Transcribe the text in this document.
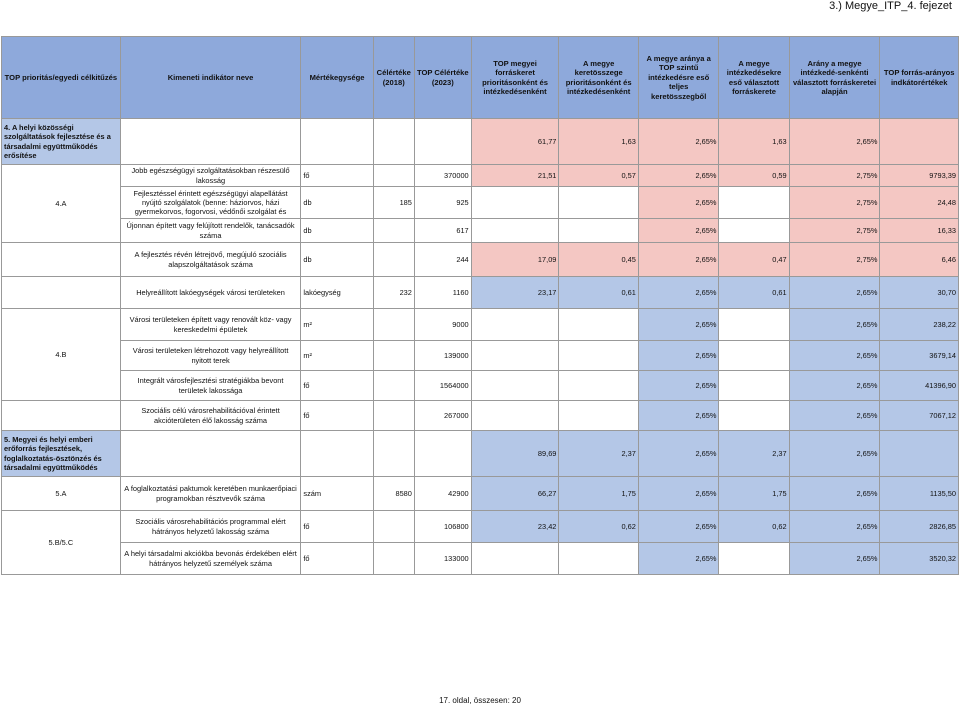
3.) Megye_ITP_4. fejezet
TOP prioritás/egyedi célkitűzés	Kimeneti indikátor neve	Mértékegysége	Célértéke (2018)	TOP Célértéke (2023)	TOP megyei forráskeret prioritásonként és intézkedésenként	A megye keretösszege prioritásonként és intézkedésenként	A megye aránya a TOP szintű intézkedésre eső teljes keretösszegből	A megye intézkedésekre eső választott forráskerete	Arány a megye intézkedé-senkénti választott forráskeretei alapján	TOP forrás-arányos indkátorértékek
4. A helyi közösségi szolgáltatások fejlesztése és a társadalmi együttműködés erősítése					61,77	1,63	2,65%	1,63	2,65%	
4.A	Jobb egészségügyi szolgáltatásokban részesülő lakosság	fő		370000	21,51	0,57	2,65%	0,59	2,75%	9793,39
	Fejlesztéssel érintett egészségügyi alapellátást nyújtó szolgálatok (benne: háziorvos, házi gyermekorvos, fogorvosi, védőnői szolgálat és	db	185	925			2,65%		2,75%	24,48
	Újonnan épített vagy felújított rendelők, tanácsadók száma	db		617			2,65%		2,75%	16,33
	A fejlesztés révén létrejövő, megújuló szociális alapszolgáltatások száma	db		244	17,09	0,45	2,65%	0,47	2,75%	6,46
	Helyreállított lakóegységek városi területeken	lakóegység	232	1160	23,17	0,61	2,65%	0,61	2,65%	30,70
4.B	Városi területeken épített vagy renovált köz- vagy kereskedelmi épületek	m²		9000			2,65%		2,65%	238,22
	Városi területeken létrehozott vagy helyreállított nyitott terek	m²		139000			2,65%		2,65%	3679,14
	Integrált városfejlesztési stratégiákba bevont területek lakossága	fő		1564000			2,65%		2,65%	41396,90
	Szociális célú városrehabilitációval érintett akcióterületen élő lakosság száma	fő		267000			2,65%		2,65%	7067,12
5. Megyei és helyi emberi erőforrás fejlesztések, foglalkoztatás-ösztönzés és társadalmi együttműködés					89,69	2,37	2,65%	2,37	2,65%	
5.A	A foglalkoztatási paktumok keretében munkaerőpiaci programokban résztvevők száma	szám	8580	42900	66,27	1,75	2,65%	1,75	2,65%	1135,50
5.B/5.C	Szociális városrehabilitációs programmal elért hátrányos helyzetű lakosság száma	fő		106800	23,42	0,62	2,65%	0,62	2,65%	2826,85
	A helyi társadalmi akciókba bevonás érdekében elért hátrányos helyzetű személyek száma	fő		133000			2,65%		2,65%	3520,32
17. oldal, összesen: 20
